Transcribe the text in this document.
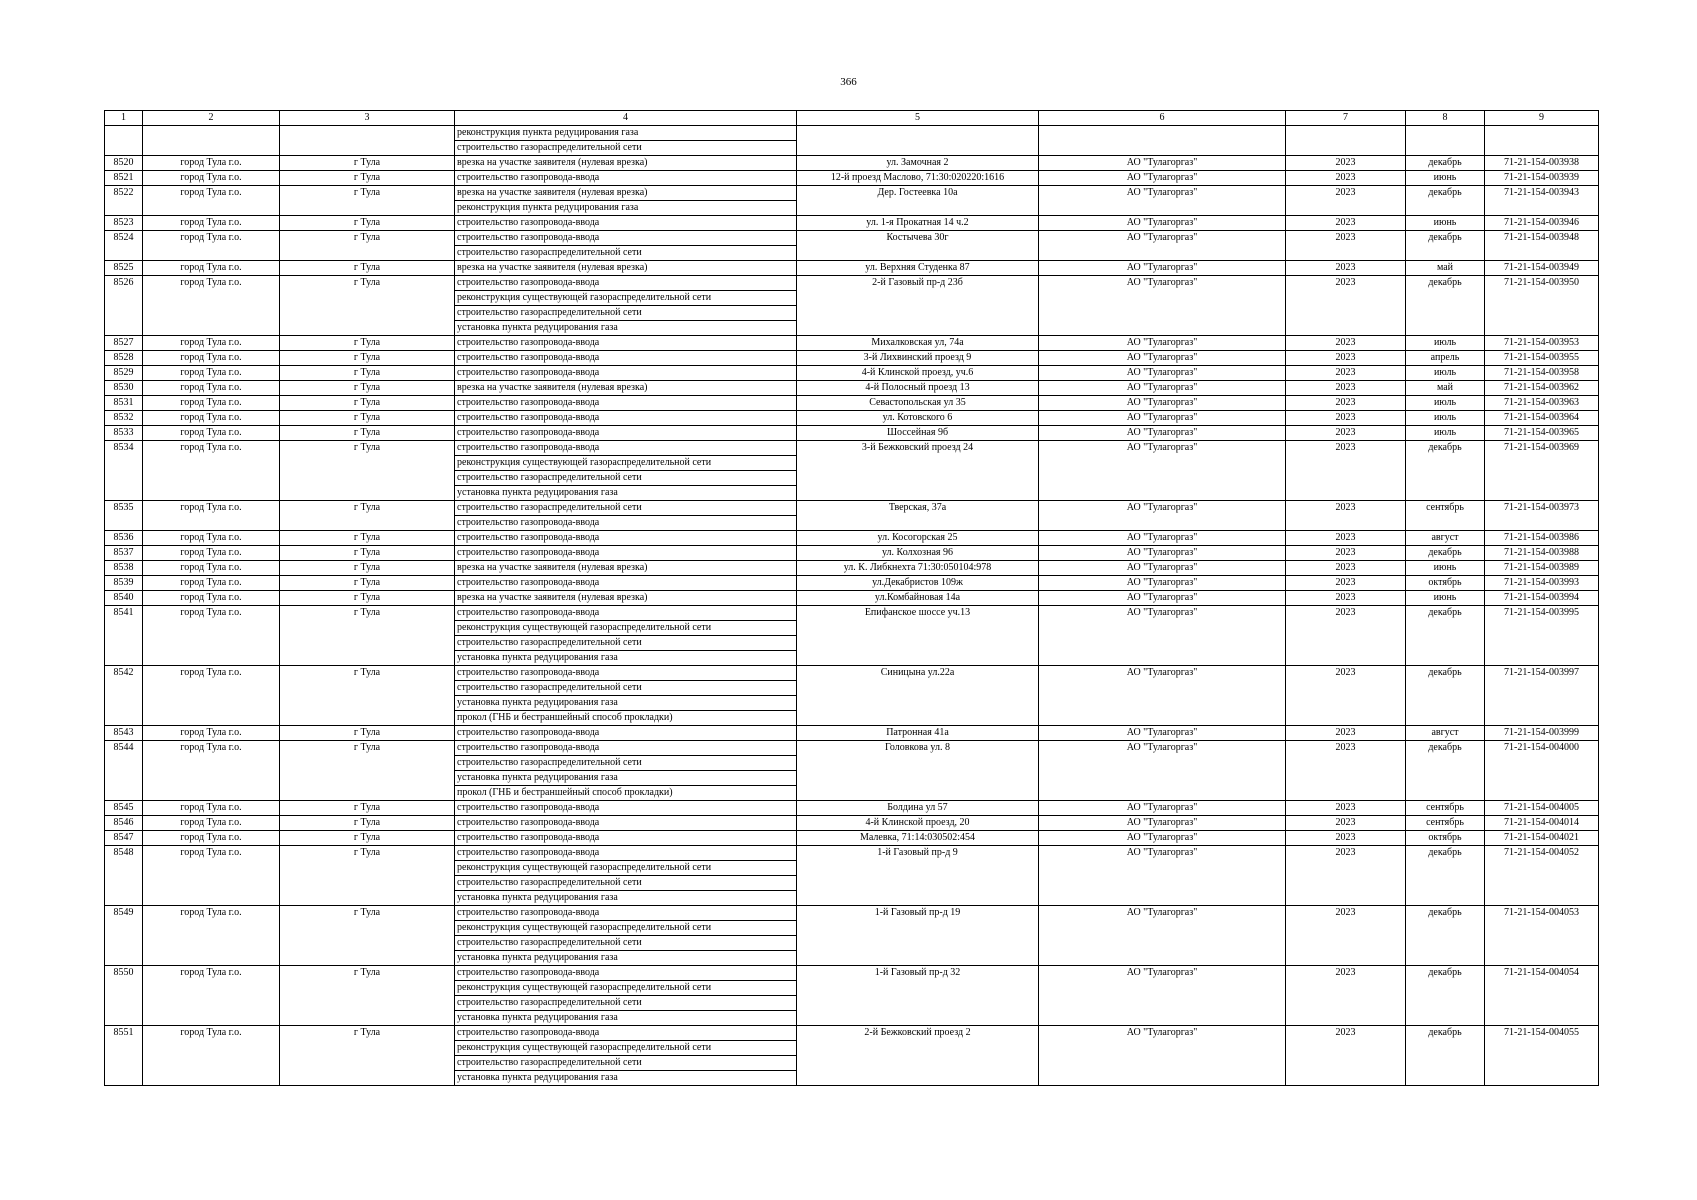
366
1	2	3	4	5	6	7	8	9
			реконструкция пункта редуцирования газа					
			строительство газораспределительной сети					
8520	город Тула г.о.	г Тула	врезка на участке заявителя (нулевая врезка)	ул. Замочная 2	АО "Тулагоргаз"	2023	декабрь	71-21-154-003938
8521	город Тула г.о.	г Тула	строительство газопровода-ввода	12-й проезд Маслово, 71:30:020220:1616	АО "Тулагоргаз"	2023	июнь	71-21-154-003939
8522	город Тула г.о.	г Тула	врезка на участке заявителя (нулевая врезка)	Дер. Гостеевка 10а	АО "Тулагоргаз"	2023	декабрь	71-21-154-003943
			реконструкция пункта редуцирования газа					
8523	город Тула г.о.	г Тула	строительство газопровода-ввода	ул. 1-я Прокатная 14 ч.2	АО "Тулагоргаз"	2023	июнь	71-21-154-003946
8524	город Тула г.о.	г Тула	строительство газопровода-ввода	Костычева 30г	АО "Тулагоргаз"	2023	декабрь	71-21-154-003948
			строительство газораспределительной сети					
8525	город Тула г.о.	г Тула	врезка на участке заявителя (нулевая врезка)	ул. Верхняя Студенка 87	АО "Тулагоргаз"	2023	май	71-21-154-003949
8526	город Тула г.о.	г Тула	строительство газопровода-ввода	2-й Газовый пр-д 23б	АО "Тулагоргаз"	2023	декабрь	71-21-154-003950
			реконструкция существующей газораспределительной сети					
			строительство газораспределительной сети					
			установка пункта редуцирования газа					
8527	город Тула г.о.	г Тула	строительство газопровода-ввода	Михалковская ул, 74а	АО "Тулагоргаз"	2023	июль	71-21-154-003953
8528	город Тула г.о.	г Тула	строительство газопровода-ввода	3-й Лихвинский проезд 9	АО "Тулагоргаз"	2023	апрель	71-21-154-003955
8529	город Тула г.о.	г Тула	строительство газопровода-ввода	4-й Клинской проезд, уч.6	АО "Тулагоргаз"	2023	июль	71-21-154-003958
8530	город Тула г.о.	г Тула	врезка на участке заявителя (нулевая врезка)	4-й Полосный проезд 13	АО "Тулагоргаз"	2023	май	71-21-154-003962
8531	город Тула г.о.	г Тула	строительство газопровода-ввода	Севастопольская ул 35	АО "Тулагоргаз"	2023	июль	71-21-154-003963
8532	город Тула г.о.	г Тула	строительство газопровода-ввода	ул. Котовского 6	АО "Тулагоргаз"	2023	июль	71-21-154-003964
8533	город Тула г.о.	г Тула	строительство газопровода-ввода	Шоссейная 9б	АО "Тулагоргаз"	2023	июль	71-21-154-003965
8534	город Тула г.о.	г Тула	строительство газопровода-ввода	3-й Бежковский проезд 24	АО "Тулагоргаз"	2023	декабрь	71-21-154-003969
			реконструкция существующей газораспределительной сети					
			строительство газораспределительной сети					
			установка пункта редуцирования газа					
8535	город Тула г.о.	г Тула	строительство газораспределительной сети	Тверская, 37а	АО "Тулагоргаз"	2023	сентябрь	71-21-154-003973
			строительство газопровода-ввода					
8536	город Тула г.о.	г Тула	строительство газопровода-ввода	ул. Косогорская 25	АО "Тулагоргаз"	2023	август	71-21-154-003986
8537	город Тула г.о.	г Тула	строительство газопровода-ввода	ул. Колхозная 96	АО "Тулагоргаз"	2023	декабрь	71-21-154-003988
8538	город Тула г.о.	г Тула	врезка на участке заявителя (нулевая врезка)	ул. К. Либкнехта 71:30:050104:978	АО "Тулагоргаз"	2023	июнь	71-21-154-003989
8539	город Тула г.о.	г Тула	строительство газопровода-ввода	ул.Декабристов 109ж	АО "Тулагоргаз"	2023	октябрь	71-21-154-003993
8540	город Тула г.о.	г Тула	врезка на участке заявителя (нулевая врезка)	ул.Комбайновая 14а	АО "Тулагоргаз"	2023	июнь	71-21-154-003994
8541	город Тула г.о.	г Тула	строительство газопровода-ввода	Епифанское шоссе уч.13	АО "Тулагоргаз"	2023	декабрь	71-21-154-003995
			реконструкция существующей газораспределительной сети					
			строительство газораспределительной сети					
			установка пункта редуцирования газа					
8542	город Тула г.о.	г Тула	строительство газопровода-ввода	Синицына ул.22а	АО "Тулагоргаз"	2023	декабрь	71-21-154-003997
			строительство газораспределительной сети					
			установка пункта редуцирования газа					
			прокол (ГНБ и бестраншейный способ прокладки)					
8543	город Тула г.о.	г Тула	строительство газопровода-ввода	Патронная 41а	АО "Тулагоргаз"	2023	август	71-21-154-003999
8544	город Тула г.о.	г Тула	строительство газопровода-ввода	Головкова ул. 8	АО "Тулагоргаз"	2023	декабрь	71-21-154-004000
			строительство газораспределительной сети					
			установка пункта редуцирования газа					
			прокол (ГНБ и бестраншейный способ прокладки)					
8545	город Тула г.о.	г Тула	строительство газопровода-ввода	Болдина ул 57	АО "Тулагоргаз"	2023	сентябрь	71-21-154-004005
8546	город Тула г.о.	г Тула	строительство газопровода-ввода	4-й Клинской проезд, 20	АО "Тулагоргаз"	2023	сентябрь	71-21-154-004014
8547	город Тула г.о.	г Тула	строительство газопровода-ввода	Малевка, 71:14:030502:454	АО "Тулагоргаз"	2023	октябрь	71-21-154-004021
8548	город Тула г.о.	г Тула	строительство газопровода-ввода	1-й Газовый пр-д 9	АО "Тулагоргаз"	2023	декабрь	71-21-154-004052
			реконструкция существующей газораспределительной сети					
			строительство газораспределительной сети					
			установка пункта редуцирования газа					
8549	город Тула г.о.	г Тула	строительство газопровода-ввода	1-й Газовый пр-д 19	АО "Тулагоргаз"	2023	декабрь	71-21-154-004053
			реконструкция существующей газораспределительной сети					
			строительство газораспределительной сети					
			установка пункта редуцирования газа					
8550	город Тула г.о.	г Тула	строительство газопровода-ввода	1-й Газовый пр-д 32	АО "Тулагоргаз"	2023	декабрь	71-21-154-004054
			реконструкция существующей газораспределительной сети					
			строительство газораспределительной сети					
			установка пункта редуцирования газа					
8551	город Тула г.о.	г Тула	строительство газопровода-ввода	2-й Бежковский проезд 2	АО "Тулагоргаз"	2023	декабрь	71-21-154-004055
			реконструкция существующей газораспределительной сети					
			строительство газораспределительной сети					
			установка пункта редуцирования газа					
